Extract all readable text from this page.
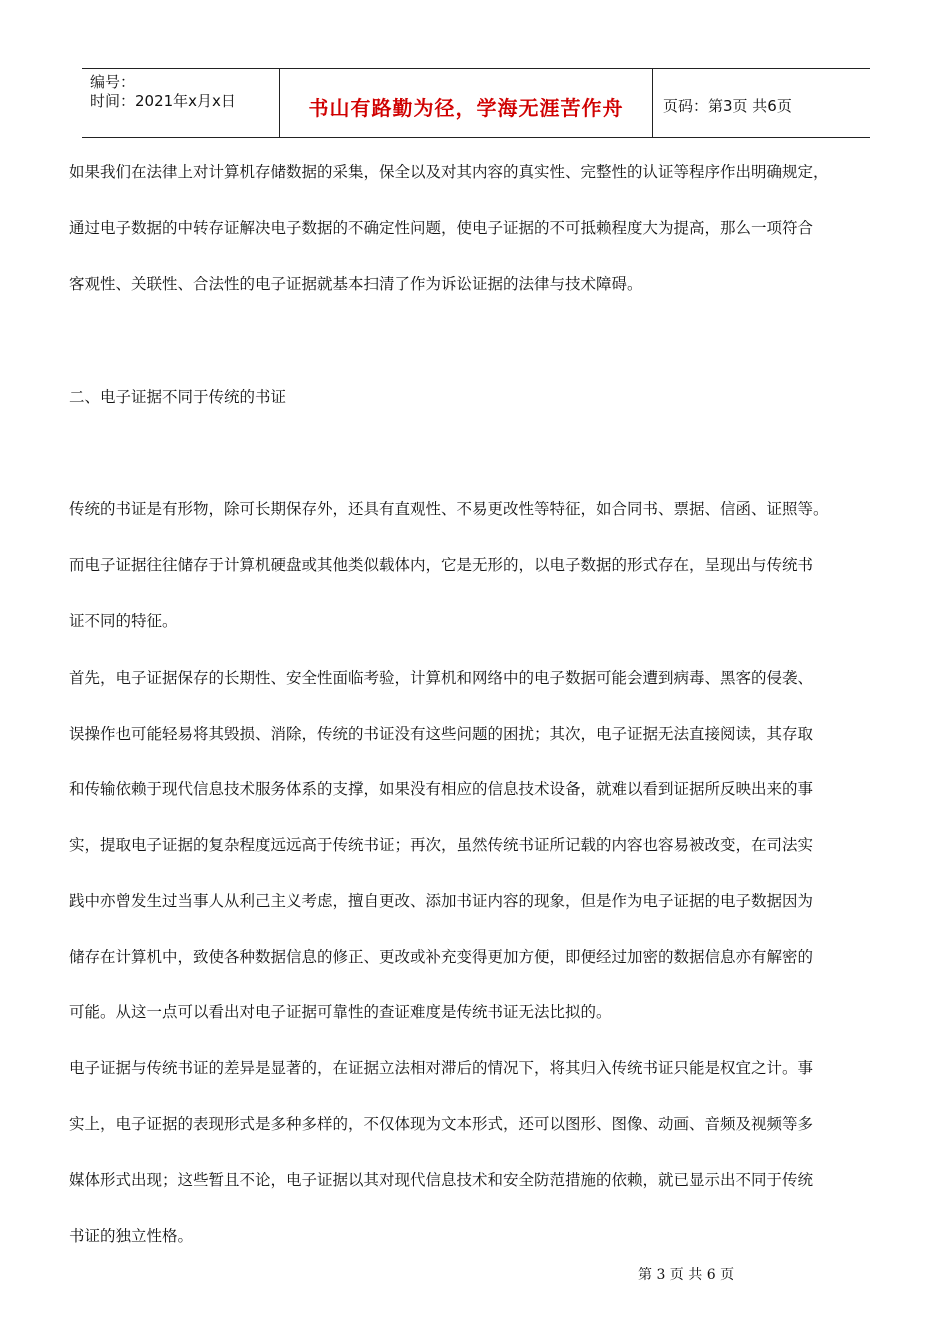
编号：
时间：2021年x月x日	书山有路勤为径，学海无涯苦作舟	页码：第3页 共6页
如果我们在法律上对计算机存储数据的采集，保全以及对其内容的真实性、完整性的认证等程序作出明确规定，
通过电子数据的中转存证解决电子数据的不确定性问题，使电子证据的不可抵赖程度大为提高，那么一项符合
客观性、关联性、合法性的电子证据就基本扫清了作为诉讼证据的法律与技术障碍。
二、电子证据不同于传统的书证
传统的书证是有形物，除可长期保存外，还具有直观性、不易更改性等特征，如合同书、票据、信函、证照等。
而电子证据往往储存于计算机硬盘或其他类似载体内，它是无形的，以电子数据的形式存在，呈现出与传统书
证不同的特征。
首先，电子证据保存的长期性、安全性面临考验，计算机和网络中的电子数据可能会遭到病毒、黑客的侵袭、
误操作也可能轻易将其毁损、消除，传统的书证没有这些问题的困扰；其次，电子证据无法直接阅读，其存取
和传输依赖于现代信息技术服务体系的支撑，如果没有相应的信息技术设备，就难以看到证据所反映出来的事
实，提取电子证据的复杂程度远远高于传统书证；再次，虽然传统书证所记载的内容也容易被改变，在司法实
践中亦曾发生过当事人从利己主义考虑，擅自更改、添加书证内容的现象，但是作为电子证据的电子数据因为
储存在计算机中，致使各种数据信息的修正、更改或补充变得更加方便，即便经过加密的数据信息亦有解密的
可能。从这一点可以看出对电子证据可靠性的查证难度是传统书证无法比拟的。
电子证据与传统书证的差异是显著的，在证据立法相对滞后的情况下，将其归入传统书证只能是权宜之计。事
实上，电子证据的表现形式是多种多样的，不仅体现为文本形式，还可以图形、图像、动画、音频及视频等多
媒体形式出现；这些暂且不论，电子证据以其对现代信息技术和安全防范措施的依赖，就已显示出不同于传统
书证的独立性格。
第 3 页 共 6 页
